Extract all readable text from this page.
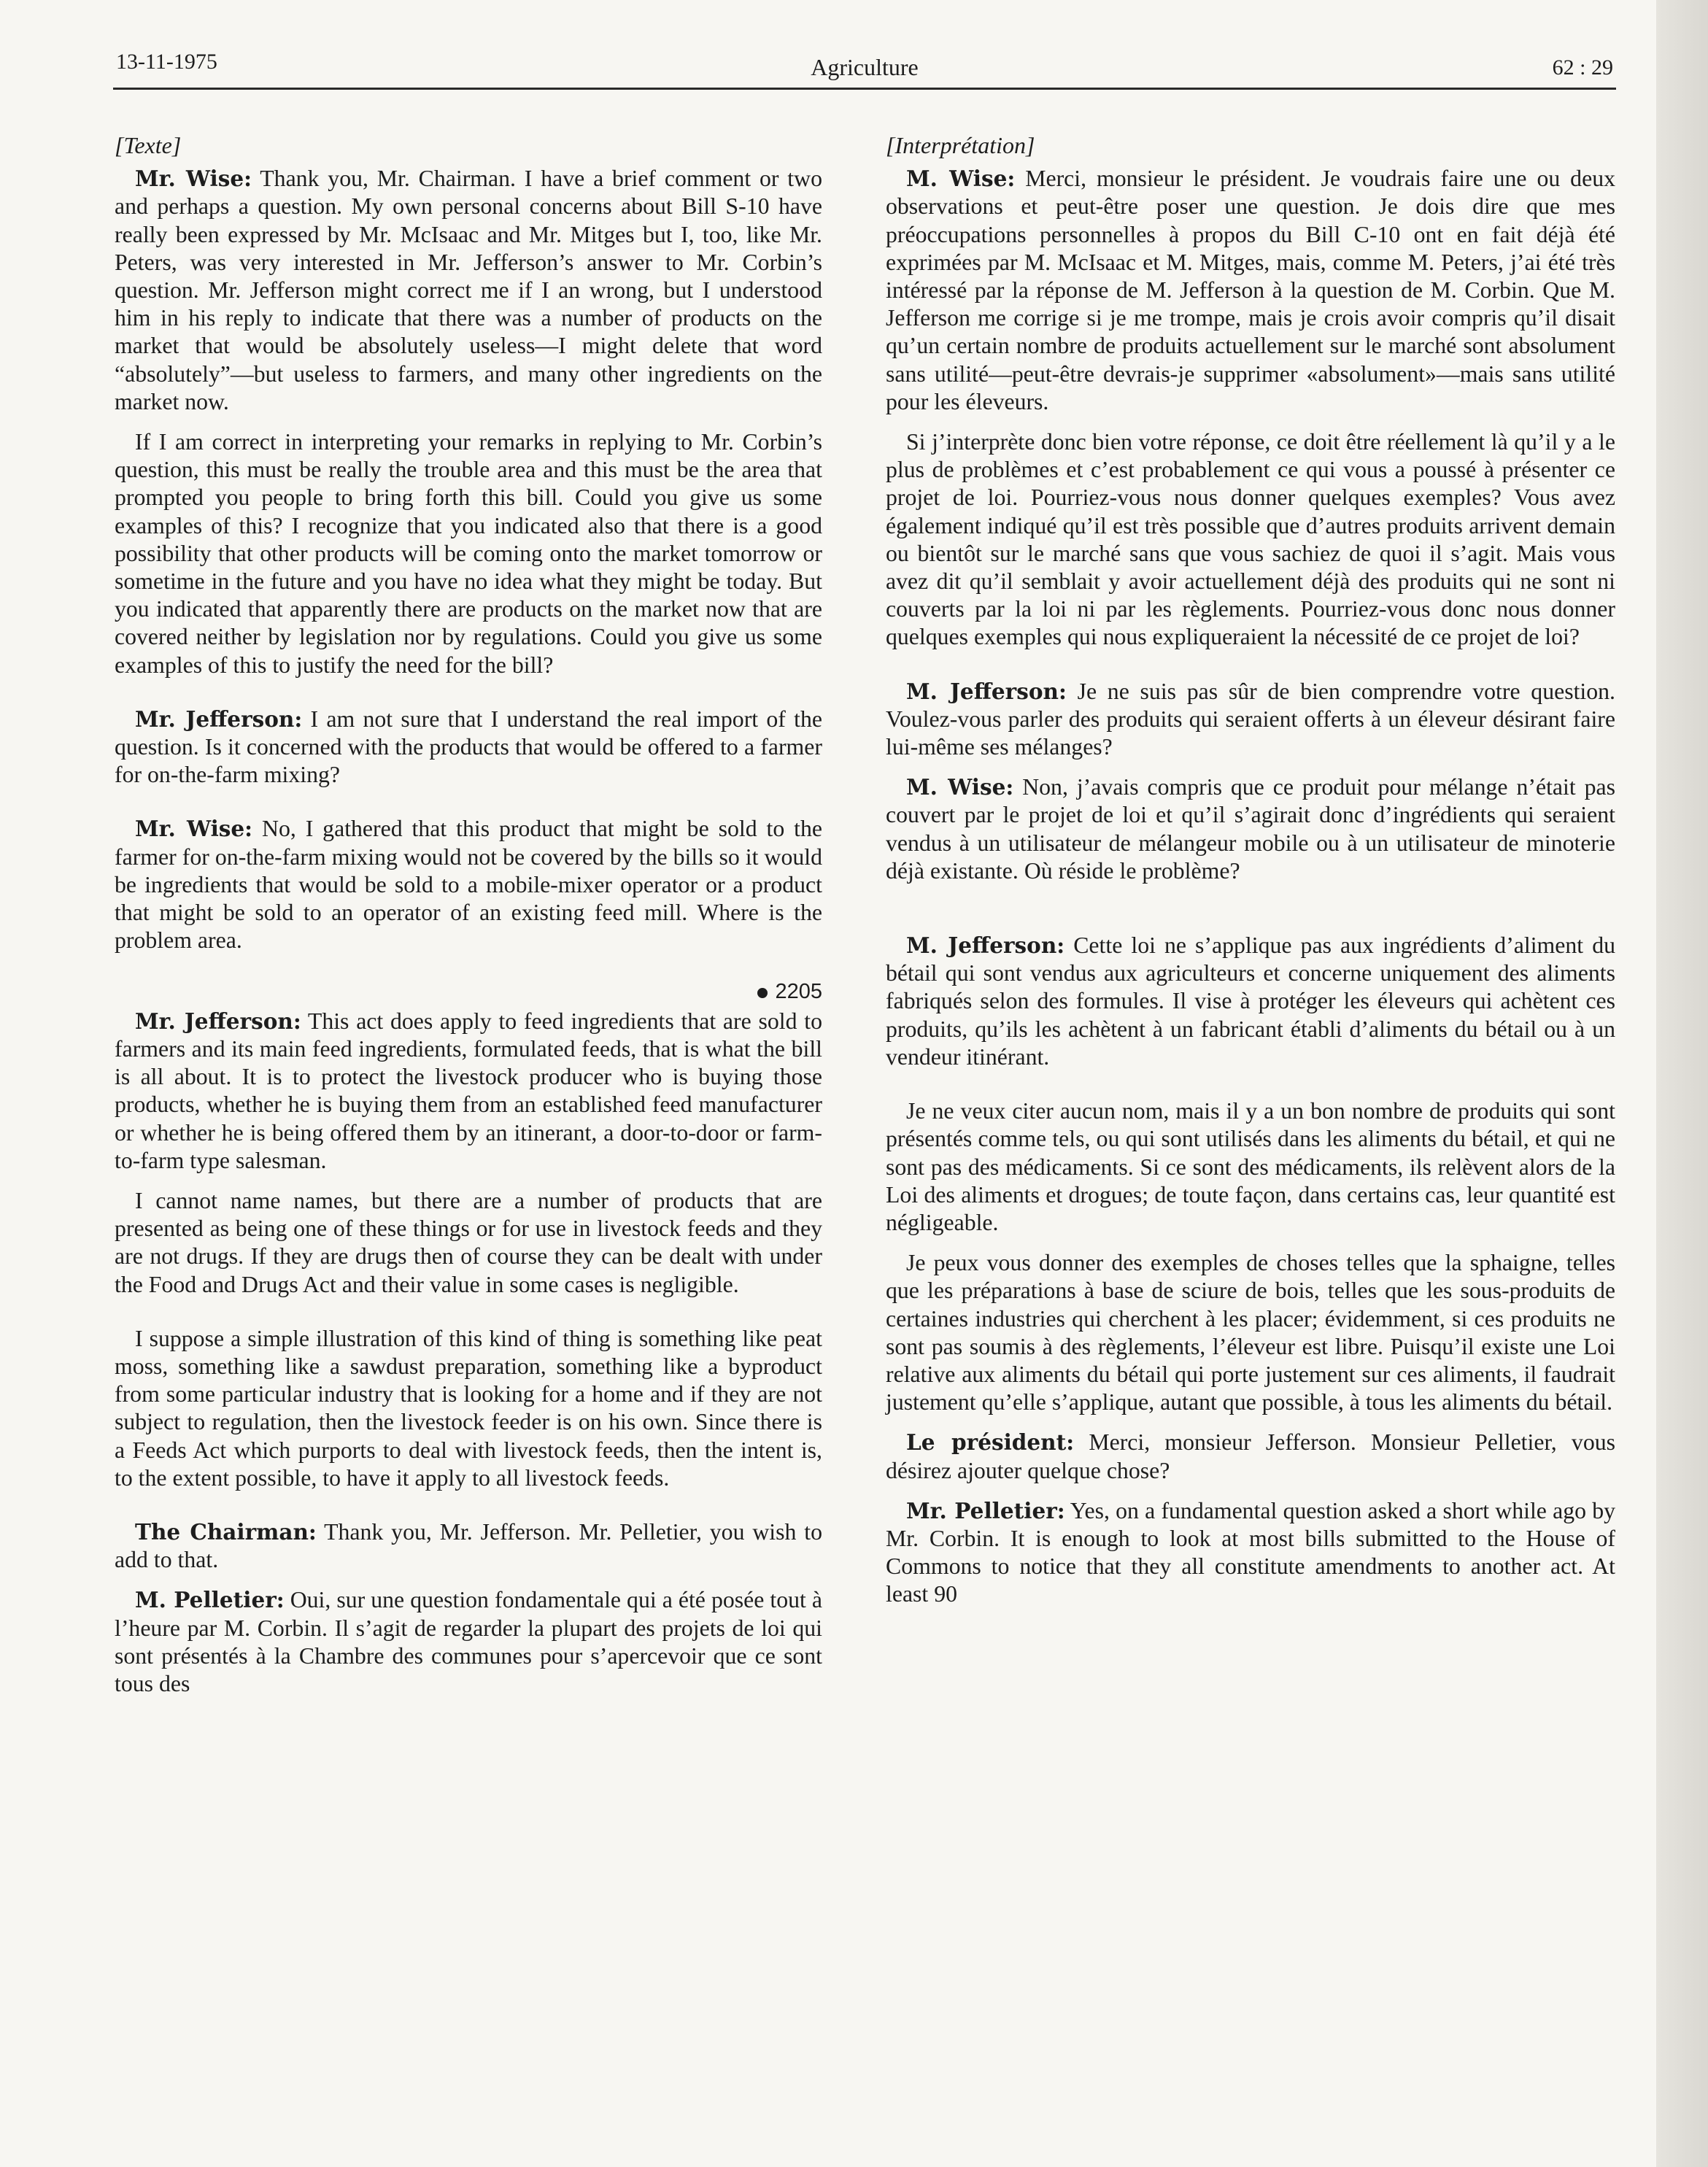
13-11-1975	Agriculture	62 : 29

[Texte]

Mr. Wise: Thank you, Mr. Chairman. I have a brief comment or two and perhaps a question. My own personal concerns about Bill S-10 have really been expressed by Mr. McIsaac and Mr. Mitges but I, too, like Mr. Peters, was very interested in Mr. Jefferson’s answer to Mr. Corbin’s question. Mr. Jefferson might correct me if I an wrong, but I understood him in his reply to indicate that there was a number of products on the market that would be absolutely useless—I might delete that word “absolutely”—but useless to farmers, and many other ingredients on the market now.

If I am correct in interpreting your remarks in replying to Mr. Corbin’s question, this must be really the trouble area and this must be the area that prompted you people to bring forth this bill. Could you give us some examples of this? I recognize that you indicated also that there is a good possibility that other products will be coming onto the market tomorrow or sometime in the future and you have no idea what they might be today. But you indicated that apparently there are products on the market now that are covered neither by legislation nor by regulations. Could you give us some examples of this to justify the need for the bill?

Mr. Jefferson: I am not sure that I understand the real import of the question. Is it concerned with the products that would be offered to a farmer for on-the-farm mixing?

Mr. Wise: No, I gathered that this product that might be sold to the farmer for on-the-farm mixing would not be covered by the bills so it would be ingredients that would be sold to a mobile-mixer operator or a product that might be sold to an operator of an existing feed mill. Where is the problem area.

2205

Mr. Jefferson: This act does apply to feed ingredients that are sold to farmers and its main feed ingredients, formulated feeds, that is what the bill is all about. It is to protect the livestock producer who is buying those products, whether he is buying them from an established feed manufacturer or whether he is being offered them by an itinerant, a door-to-door or farm-to-farm type salesman.

I cannot name names, but there are a number of products that are presented as being one of these things or for use in livestock feeds and they are not drugs. If they are drugs then of course they can be dealt with under the Food and Drugs Act and their value in some cases is negligible.

I suppose a simple illustration of this kind of thing is something like peat moss, something like a sawdust preparation, something like a byproduct from some particular industry that is looking for a home and if they are not subject to regulation, then the livestock feeder is on his own. Since there is a Feeds Act which purports to deal with livestock feeds, then the intent is, to the extent possible, to have it apply to all livestock feeds.

The Chairman: Thank you, Mr. Jefferson. Mr. Pelletier, you wish to add to that.

M. Pelletier: Oui, sur une question fondamentale qui a été posée tout à l’heure par M. Corbin. Il s’agit de regarder la plupart des projets de loi qui sont présentés à la Chambre des communes pour s’apercevoir que ce sont tous des

[Interprétation]

M. Wise: Merci, monsieur le président. Je voudrais faire une ou deux observations et peut-être poser une question. Je dois dire que mes préoccupations personnelles à propos du Bill C-10 ont en fait déjà été exprimées par M. McIsaac et M. Mitges, mais, comme M. Peters, j’ai été très intéressé par la réponse de M. Jefferson à la question de M. Corbin. Que M. Jefferson me corrige si je me trompe, mais je crois avoir compris qu’il disait qu’un certain nombre de produits actuellement sur le marché sont absolument sans utilité—peut-être devrais-je supprimer «absolument»—mais sans utilité pour les éleveurs.

Si j’interprète donc bien votre réponse, ce doit être réellement là qu’il y a le plus de problèmes et c’est probablement ce qui vous a poussé à présenter ce projet de loi. Pourriez-vous nous donner quelques exemples? Vous avez également indiqué qu’il est très possible que d’autres produits arrivent demain ou bientôt sur le marché sans que vous sachiez de quoi il s’agit. Mais vous avez dit qu’il semblait y avoir actuellement déjà des produits qui ne sont ni couverts par la loi ni par les règlements. Pourriez-vous donc nous donner quelques exemples qui nous expliqueraient la nécessité de ce projet de loi?

M. Jefferson: Je ne suis pas sûr de bien comprendre votre question. Voulez-vous parler des produits qui seraient offerts à un éleveur désirant faire lui-même ses mélanges?

M. Wise: Non, j’avais compris que ce produit pour mélange n’était pas couvert par le projet de loi et qu’il s’agirait donc d’ingrédients qui seraient vendus à un utilisateur de mélangeur mobile ou à un utilisateur de minoterie déjà existante. Où réside le problème?

M. Jefferson: Cette loi ne s’applique pas aux ingrédients d’aliment du bétail qui sont vendus aux agriculteurs et concerne uniquement des aliments fabriqués selon des formules. Il vise à protéger les éleveurs qui achètent ces produits, qu’ils les achètent à un fabricant établi d’aliments du bétail ou à un vendeur itinérant.

Je ne veux citer aucun nom, mais il y a un bon nombre de produits qui sont présentés comme tels, ou qui sont utilisés dans les aliments du bétail, et qui ne sont pas des médicaments. Si ce sont des médicaments, ils relèvent alors de la Loi des aliments et drogues; de toute façon, dans certains cas, leur quantité est négligeable.

Je peux vous donner des exemples de choses telles que la sphaigne, telles que les préparations à base de sciure de bois, telles que les sous-produits de certaines industries qui cherchent à les placer; évidemment, si ces produits ne sont pas soumis à des règlements, l’éleveur est libre. Puisqu’il existe une Loi relative aux aliments du bétail qui porte justement sur ces aliments, il faudrait justement qu’elle s’applique, autant que possible, à tous les aliments du bétail.

Le président: Merci, monsieur Jefferson. Monsieur Pelletier, vous désirez ajouter quelque chose?

Mr. Pelletier: Yes, on a fundamental question asked a short while ago by Mr. Corbin. It is enough to look at most bills submitted to the House of Commons to notice that they all constitute amendments to another act. At least 90
